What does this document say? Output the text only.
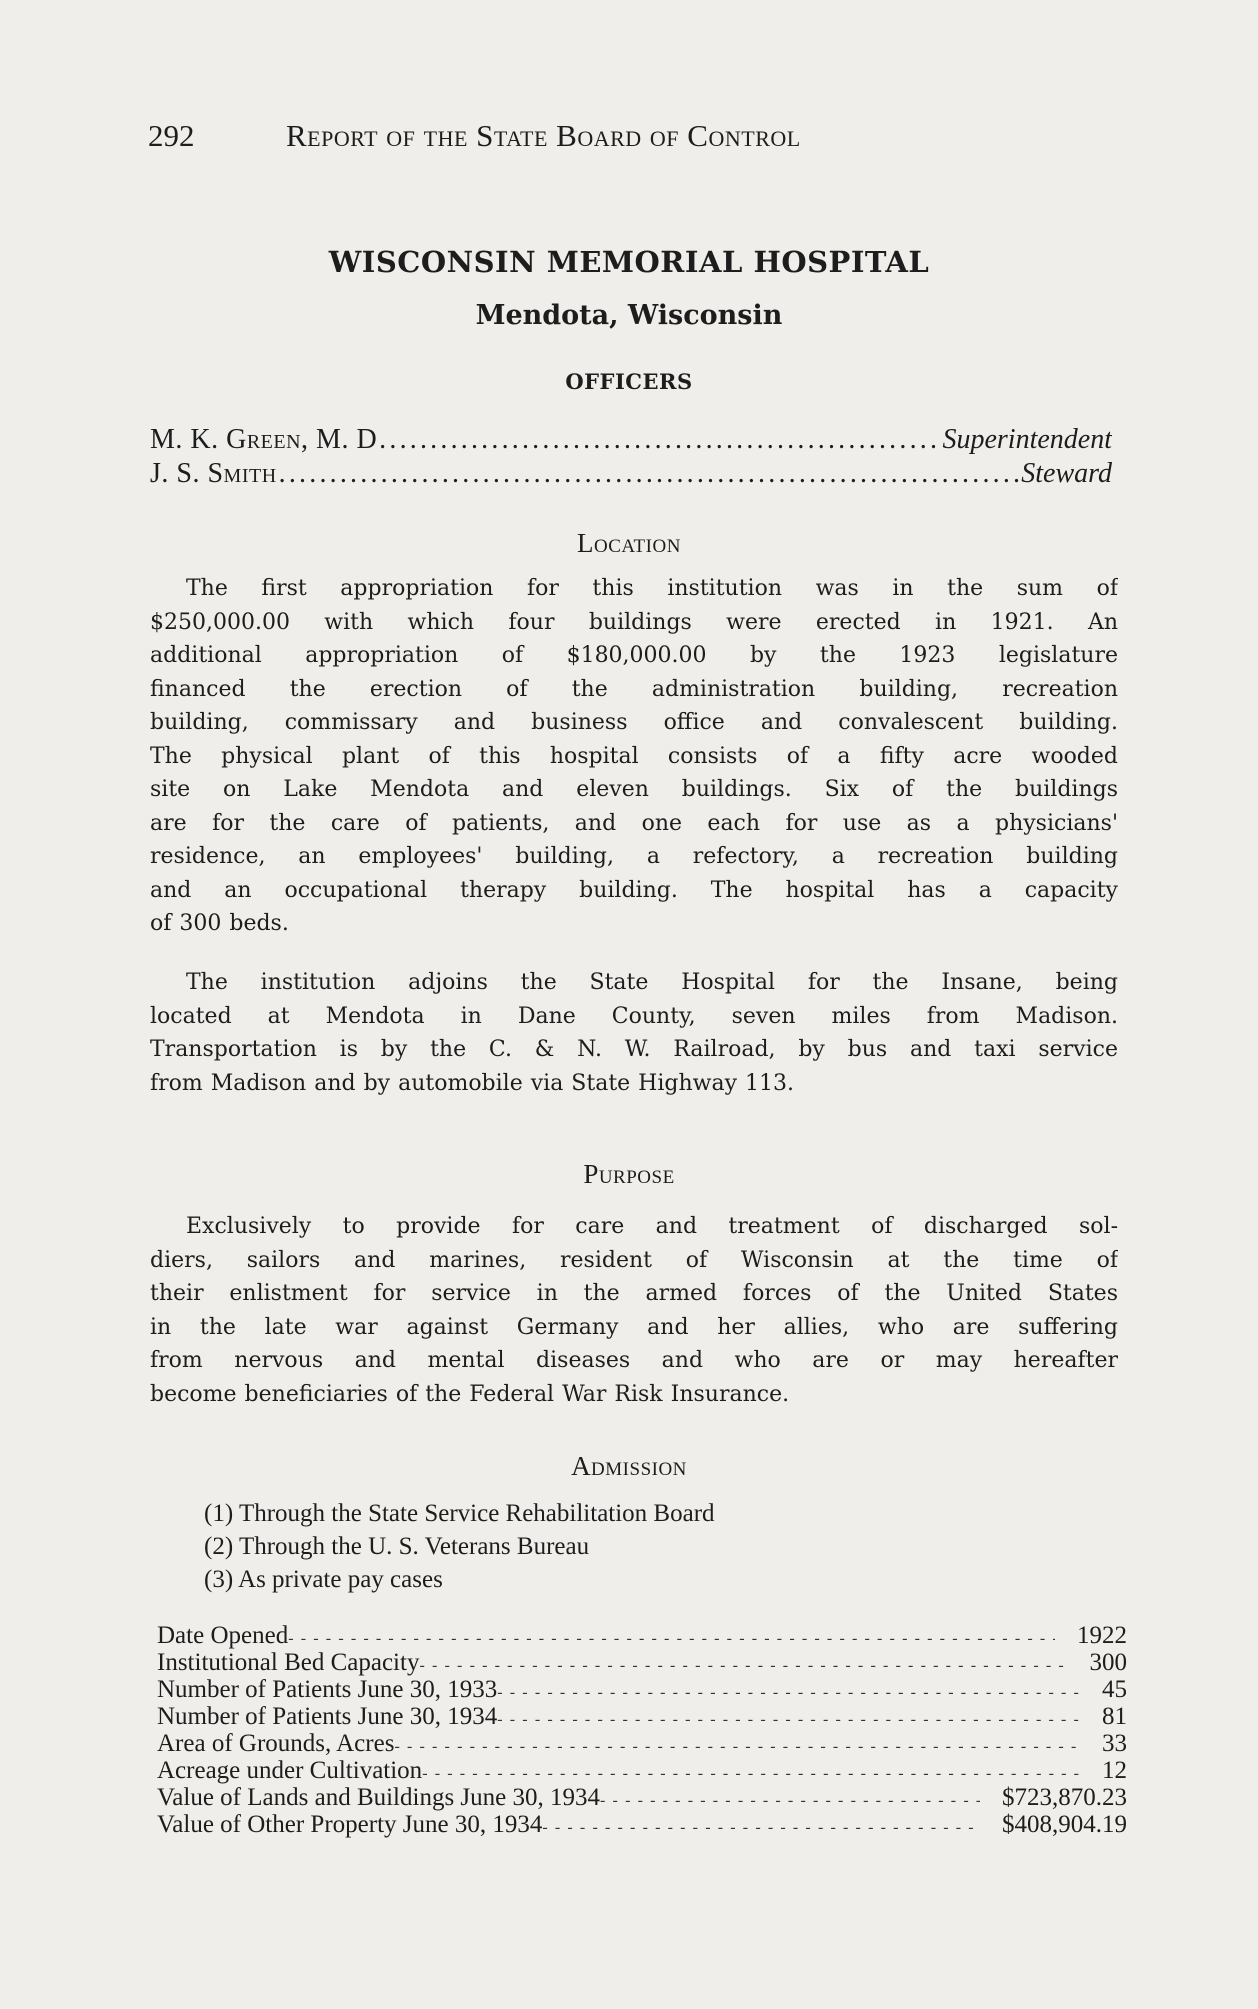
292	Report of the State Board of Control
WISCONSIN MEMORIAL HOSPITAL
Mendota, Wisconsin
OFFICERS
M. K. Green, M. D .....	Superintendent
J. S. Smith .....	Steward
Location
The first appropriation for this institution was in the sum of
$250,000.00 with which four buildings were erected in 1921. An
additional appropriation of $180,000.00 by the 1923 legislature
financed the erection of the administration building, recreation
building, commissary and business office and convalescent building.
The physical plant of this hospital consists of a fifty acre wooded
site on Lake Mendota and eleven buildings. Six of the buildings
are for the care of patients, and one each for use as a physicians'
residence, an employees' building, a refectory, a recreation building
and an occupational therapy building. The hospital has a capacity
of 300 beds.
The institution adjoins the State Hospital for the Insane, being
located at Mendota in Dane County, seven miles from Madison.
Transportation is by the C. & N. W. Railroad, by bus and taxi service
from Madison and by automobile via State Highway 113.
Purpose
Exclusively to provide for care and treatment of discharged sol-
diers, sailors and marines, resident of Wisconsin at the time of
their enlistment for service in the armed forces of the United States
in the late war against Germany and her allies, who are suffering
from nervous and mental diseases and who are or may hereafter
become beneficiaries of the Federal War Risk Insurance.
Admission
(1) Through the State Service Rehabilitation Board
(2) Through the U. S. Veterans Bureau
(3) As private pay cases
Date Opened - - -	1922
Institutional Bed Capacity - - -	300
Number of Patients June 30, 1933 - - -	45
Number of Patients June 30, 1934 - - -	81
Area of Grounds, Acres - - -	33
Acreage under Cultivation - - -	12
Value of Lands and Buildings June 30, 1934 - - -	$723,870.23
Value of Other Property June 30, 1934 - - -	$408,904.19
